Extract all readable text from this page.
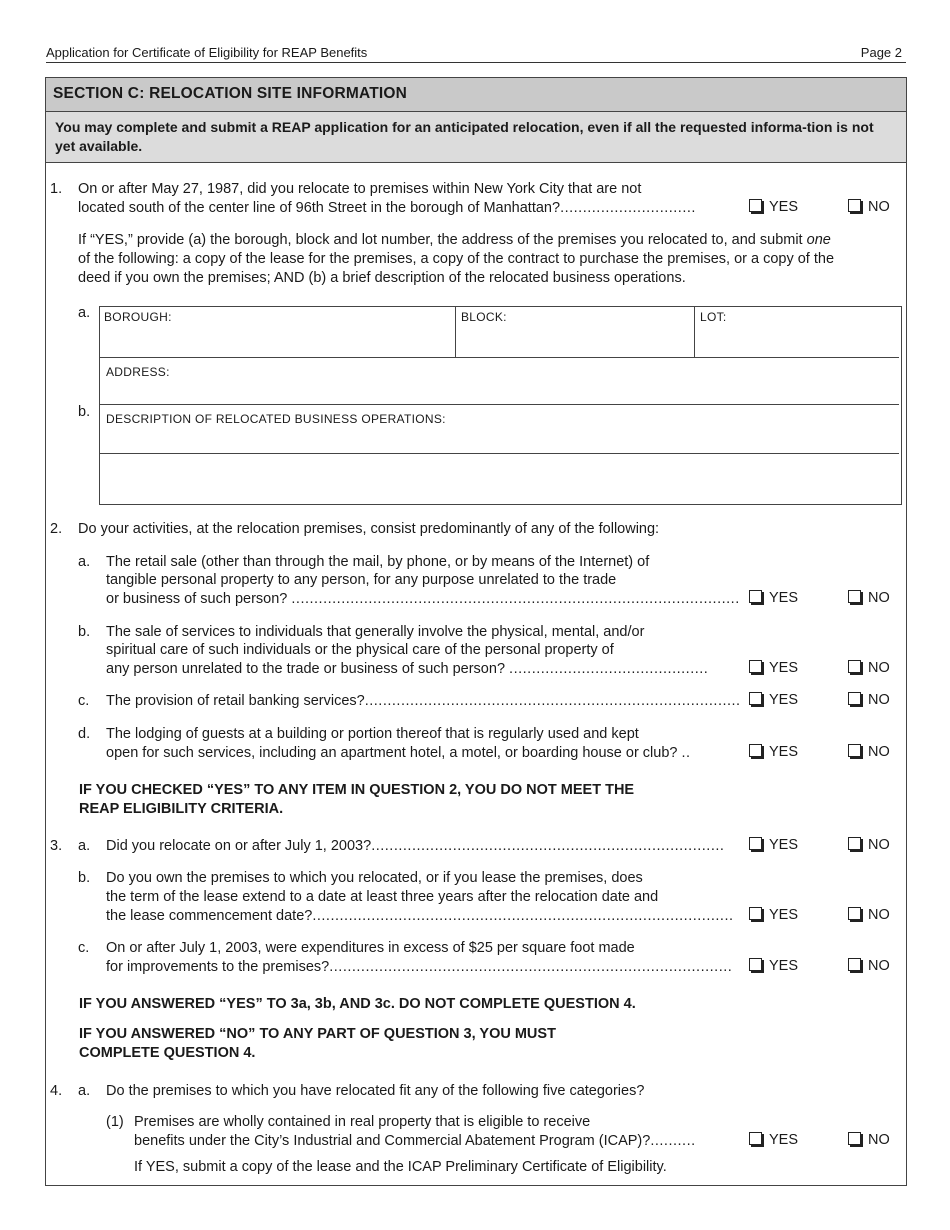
Application for Certificate of Eligibility for REAP Benefits	Page 2
SECTION C: RELOCATION SITE INFORMATION
You may complete and submit a REAP application for an anticipated relocation, even if all the requested informa-tion is not yet available.
1. On or after May 27, 1987, did you relocate to premises within New York City that are not
located south of the center line of 96th Street in the borough of Manhattan?..............................	YES	NO
If “YES,” provide (a) the borough, block and lot number, the address of the premises you relocated to, and submit one
of the following: a copy of the lease for the premises, a copy of the contract to purchase the premises, or a copy of the
deed if you own the premises; AND (b) a brief description of the relocated business operations.
a.
b.
BOROUGH:	BLOCK:	LOT:
ADDRESS:
DESCRIPTION OF RELOCATED BUSINESS OPERATIONS:
2. Do your activities, at the relocation premises, consist predominantly of any of the following:
a. The retail sale (other than through the mail, by phone, or by means of the Internet) of
tangible personal property to any person, for any purpose unrelated to the trade
or business of such person? ...................................................................................................	YES	NO
b. The sale of services to individuals that generally involve the physical, mental, and/or
spiritual care of such individuals or the physical care of the personal property of
any person unrelated to the trade or business of such person? ............................................	YES	NO
c. The provision of retail banking services?...................................................................................	YES	NO
d. The lodging of guests at a building or portion thereof that is regularly used and kept
open for such services, including an apartment hotel, a motel, or boarding house or club? ..	YES	NO
IF YOU CHECKED “YES” TO ANY ITEM IN QUESTION 2, YOU DO NOT MEET THE
REAP ELIGIBILITY CRITERIA.
3. a. Did you relocate on or after July 1, 2003?..............................................................................	YES	NO
b. Do you own the premises to which you relocated, or if you lease the premises, does
the term of the lease extend to a date at least three years after the relocation date and
the lease commencement date?.............................................................................................	YES	NO
c. On or after July 1, 2003, were expenditures in excess of $25 per square foot made
for improvements to the premises?.........................................................................................	YES	NO
IF YOU ANSWERED “YES” TO 3a, 3b, AND 3c. DO NOT COMPLETE QUESTION 4.
IF YOU ANSWERED “NO” TO ANY PART OF QUESTION 3, YOU MUST
COMPLETE QUESTION 4.
4. a. Do the premises to which you have relocated fit any of the following five categories?
(1) Premises are wholly contained in real property that is eligible to receive
benefits under the City’s Industrial and Commercial Abatement Program (ICAP)?..........	YES	NO
If YES, submit a copy of the lease and the ICAP Preliminary Certificate of Eligibility.
